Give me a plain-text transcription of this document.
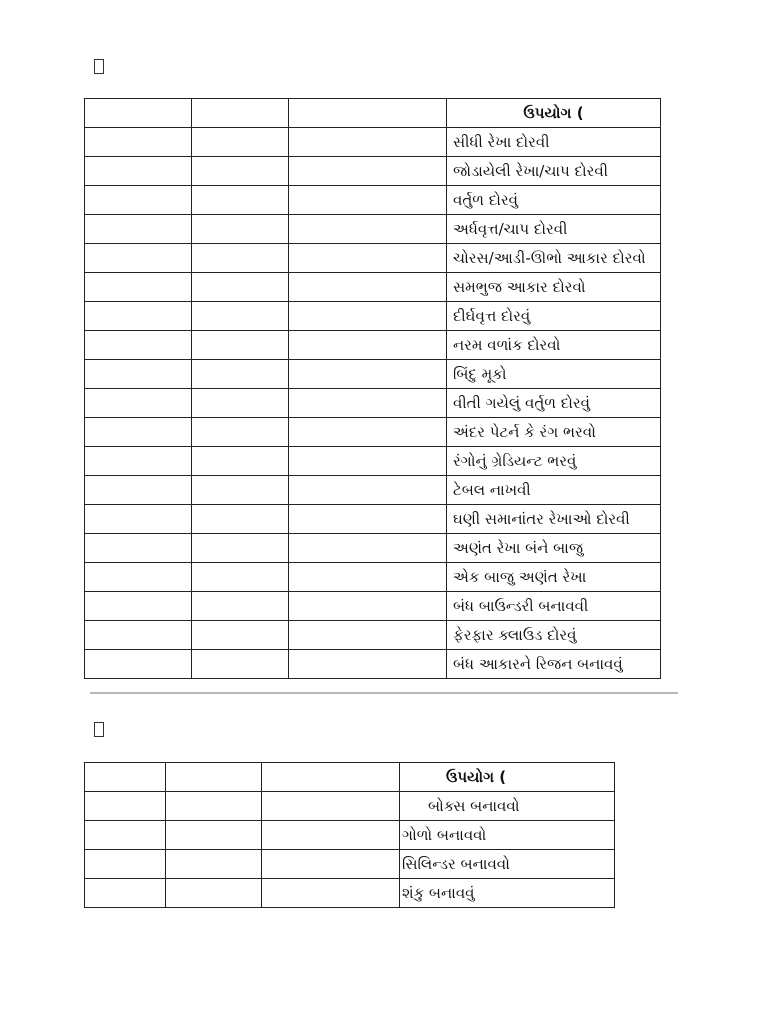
			ઉપયોગ (
			સીધી રેખા દોરવી
			જોડાયેલી રેખા/ચાપ દોરવી
			વર્તુળ દોરવું
			અર્ધવૃત્ત/ચાપ દોરવી
			ચોરસ/આડી-ઊભો આકાર દોરવો
			સમભુજ આકાર દોરવો
			દીર્ઘવૃત્ત દોરવું
			નરમ વળાંક દોરવો
			બિંદુ મૂકો
			વીતી ગયેલું વર્તુળ દોરવું
			અંદર પેટર્ન કે રંગ ભરવો
			રંગોનું ગ્રેડિયન્ટ ભરવું
			ટેબલ નાખવી
			ઘણી સમાનાંતર રેખાઓ દોરવી
			અણંત રેખા બંને બાજુ
			એક બાજુ અણંત રેખા
			બંધ બાઉન્ડરી બનાવવી
			ફેરફાર ક્લાઉડ દોરવું
			બંધ આકારને રિજન બનાવવું
			ઉપયોગ (
			બોક્સ બનાવવો
			ગોળો બનાવવો
			સિલિન્ડર બનાવવો
			શંકુ બનાવવું
